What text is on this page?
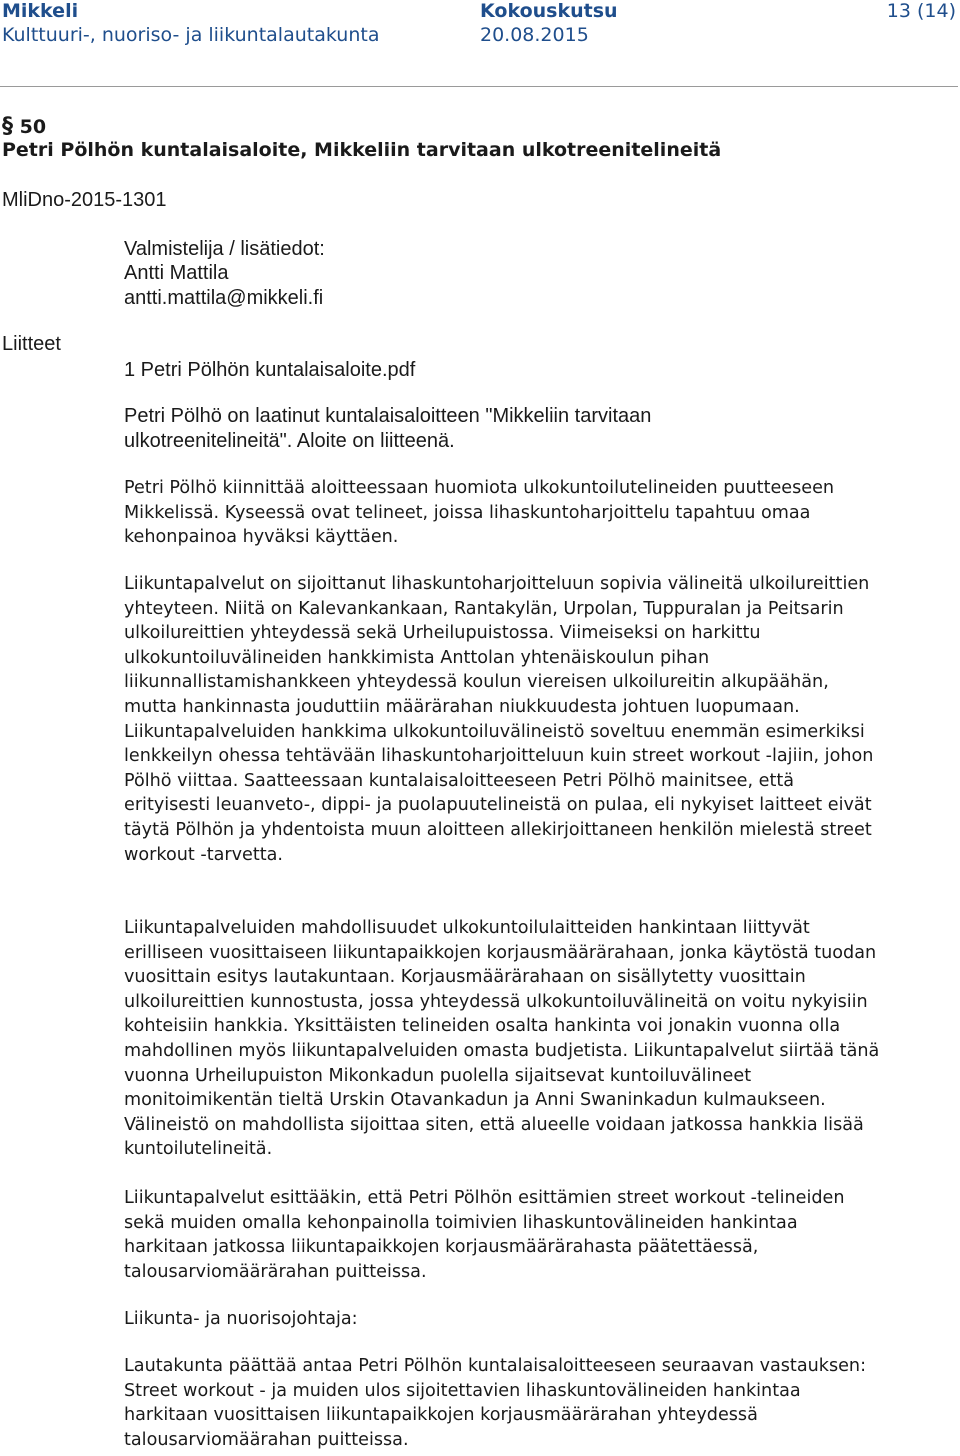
Mikkeli	Kokouskutsu	13 (14)
Kulttuuri-, nuoriso- ja liikuntalautakunta	20.08.2015
§ 50
Petri Pölhön kuntalaisaloite, Mikkeliin tarvitaan ulkotreenitelineitä
MliDno-2015-1301
Valmistelija / lisätiedot:
Antti Mattila
antti.mattila@mikkeli.fi
Liitteet
1 Petri Pölhön kuntalaisaloite.pdf

Petri Pölhö on laatinut kuntalaisaloitteen "Mikkeliin tarvitaan ulkotreenitelineitä". Aloite on liitteenä.

Petri Pölhö kiinnittää aloitteessaan huomiota ulkokuntoilutelineiden puutteeseen Mikkelissä. Kyseessä ovat telineet, joissa lihaskuntoharjoittelu tapahtuu omaa kehonpainoa hyväksi käyttäen.

Liikuntapalvelut on sijoittanut lihaskuntoharjoitteluun sopivia välineitä ulkoilureittien yhteyteen. Niitä on Kalevankankaan, Rantakylän, Urpolan, Tuppuralan ja Peitsarin ulkoilureittien yhteydessä sekä Urheilupuistossa. Viimeiseksi on harkittu ulkokuntoiluvälineiden hankkimista Anttolan yhtenäiskoulun pihan liikunnallistamishankkeen yhteydessä koulun viereisen ulkoilureitin alkupäähän, mutta hankinnasta jouduttiin määrärahan niukkuudesta johtuen luopumaan. Liikuntapalveluiden hankkima ulkokuntoiluvälineistö soveltuu enemmän esimerkiksi lenkkeilyn ohessa tehtävään lihaskuntoharjoitteluun kuin street workout -lajiin, johon Pölhö viittaa. Saatteessaan kuntalaisaloitteeseen Petri Pölhö mainitsee, että erityisesti leuanveto-, dippi- ja puolapuutelineistä on pulaa, eli nykyiset laitteet eivät täytä Pölhön ja yhdentoista muun aloitteen allekirjoittaneen henkilön mielestä street workout -tarvetta.

Liikuntapalveluiden mahdollisuudet ulkokuntoilulaitteiden hankintaan liittyvät erilliseen vuosittaiseen liikuntapaikkojen korjausmäärärahaan, jonka käytöstä tuodan vuosittain esitys lautakuntaan. Korjausmäärärahaan on sisällytetty vuosittain ulkoilureittien kunnostusta, jossa yhteydessä ulkokuntoiluvälineitä on voitu nykyisiin kohteisiin hankkia. Yksittäisten telineiden osalta hankinta voi jonakin vuonna olla mahdollinen myös liikuntapalveluiden omasta budjetista. Liikuntapalvelut siirtää tänä vuonna Urheilupuiston Mikonkadun puolella sijaitsevat kuntoiluvälineet monitoimikentän tieltä Urskin Otavankadun ja Anni Swaninkadun kulmaukseen. Välineistö on mahdollista sijoittaa siten, että alueelle voidaan jatkossa hankkia lisää kuntoilutelineitä.

Liikuntapalvelut esittääkin, että Petri Pölhön esittämien street workout -telineiden sekä muiden omalla kehonpainolla toimivien lihaskuntovälineiden hankintaa harkitaan jatkossa liikuntapaikkojen korjausmäärärahasta päätettäessä, talousarviomäärärahan puitteissa.

Liikunta- ja nuorisojohtaja:

Lautakunta päättää antaa Petri Pölhön kuntalaisaloitteeseen seuraavan vastauksen: Street workout - ja muiden ulos sijoitettavien lihaskuntovälineiden hankintaa harkitaan vuosittaisen liikuntapaikkojen korjausmäärärahan yhteydessä talousarviomäärahan puitteissa.
